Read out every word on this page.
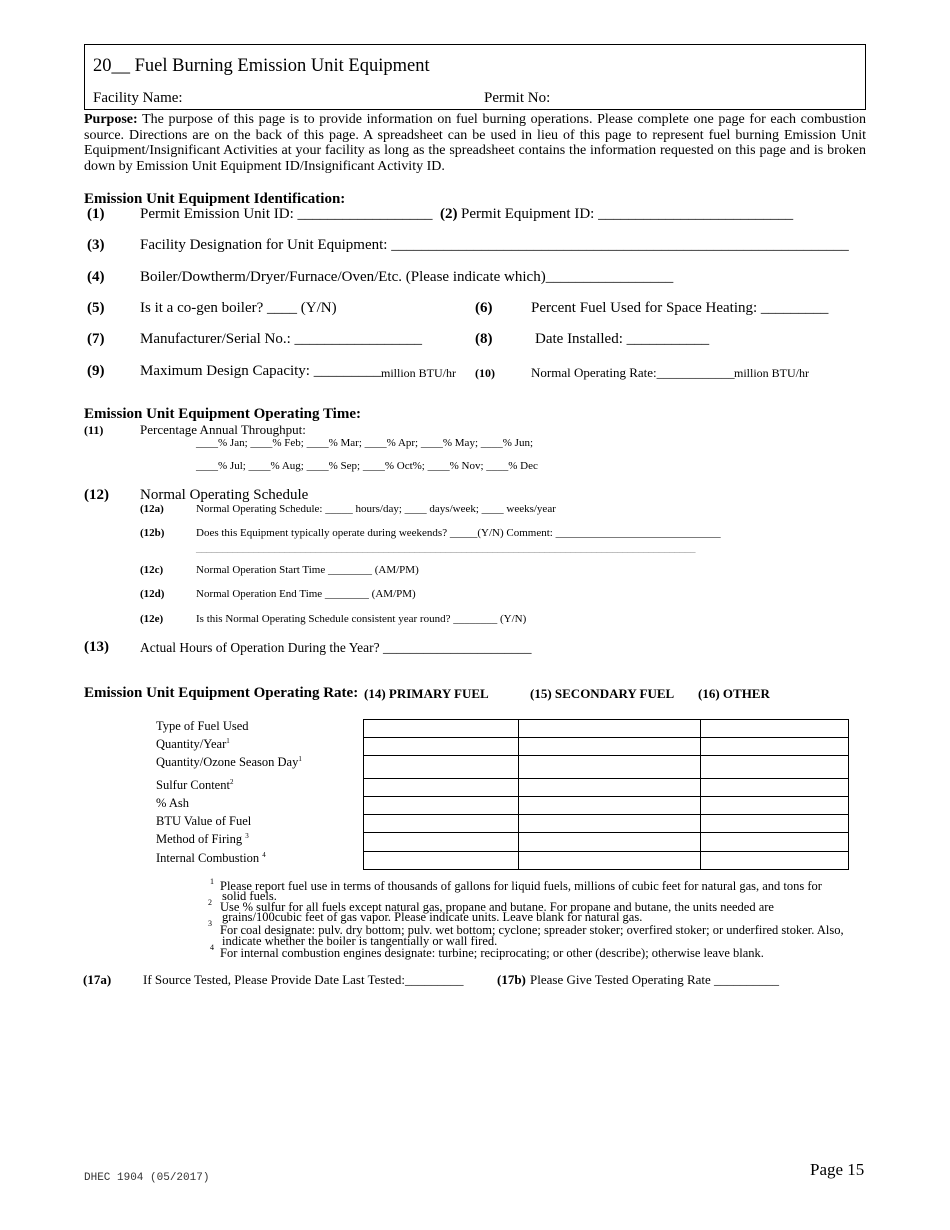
20__ Fuel Burning Emission Unit Equipment
Facility Name:	Permit No:
Purpose: The purpose of this page is to provide information on fuel burning operations. Please complete one page for each combustion source. Directions are on the back of this page. A spreadsheet can be used in lieu of this page to represent fuel burning Emission Unit Equipment/Insignificant Activities at your facility as long as the spreadsheet contains the information requested on this page and is broken down by Emission Unit Equipment ID/Insignificant Activity ID.
Emission Unit Equipment Identification:
(1) Permit Emission Unit ID: __________________ (2) Permit Equipment ID: __________________________
(3) Facility Designation for Unit Equipment: _____________________________________________________________
(4) Boiler/Dowtherm/Dryer/Furnace/Oven/Etc. (Please indicate which)_________________
(5) Is it a co-gen boiler? ____ (Y/N)	(6)	Percent Fuel Used for Space Heating: _________
(7) Manufacturer/Serial No.: _________________	(8)	Date Installed: ___________
(9) Maximum Design Capacity: _________ million BTU/hr (10)	Normal Operating Rate:____________ million BTU/hr
Emission Unit Equipment Operating Time:
(11)	Percentage Annual Throughput:
____% Jan; ____% Feb; ____% Mar; ____% Apr; ____% May; ____% Jun;
____% Jul; ____% Aug; ____% Sep; ____% Oct%; ____% Nov; ____% Dec
(12) Normal Operating Schedule
(12a)	Normal Operating Schedule: _____ hours/day; ____ days/week; ____ weeks/year
(12b)	Does this Equipment typically operate during weekends? _____(Y/N) Comment: ______________________________
________________________________________________________________________________________________
(12c)	Normal Operation Start Time ________ (AM/PM)
(12d)	Normal Operation End Time ________ (AM/PM)
(12e)	Is this Normal Operating Schedule consistent year round? ________ (Y/N)
(13) Actual Hours of Operation During the Year? ______________________
Emission Unit Equipment Operating Rate: (14) PRIMARY FUEL	(15) SECONDARY FUEL (16) OTHER
Type of Fuel Used
Quantity/Year$^1$
Quantity/Ozone Season Day$^1$
Sulfur Content$^2$
% Ash
BTU Value of Fuel
Method of Firing $^3$
Internal Combustion $^4$

1 Please report fuel use in terms of thousands of gallons for liquid fuels, millions of cubic feet for natural gas, and tons for
solid fuels.
2 Use % sulfur for all fuels except natural gas, propane and butane. For propane and butane, the units needed are
grains/100cubic feet of gas vapor. Please indicate units. Leave blank for natural gas.
3 For coal designate: pulv. dry bottom; pulv. wet bottom; cyclone; spreader stoker; overfired stoker; or underfired stoker. Also,
indicate whether the boiler is tangentially or wall fired.
4 For internal combustion engines designate: turbine; reciprocating; or other (describe); otherwise leave blank.
(17a) If Source Tested, Please Provide Date Last Tested:_________	(17b) Please Give Tested Operating Rate __________
DHEC 1904 (05/2017)	Page 15
